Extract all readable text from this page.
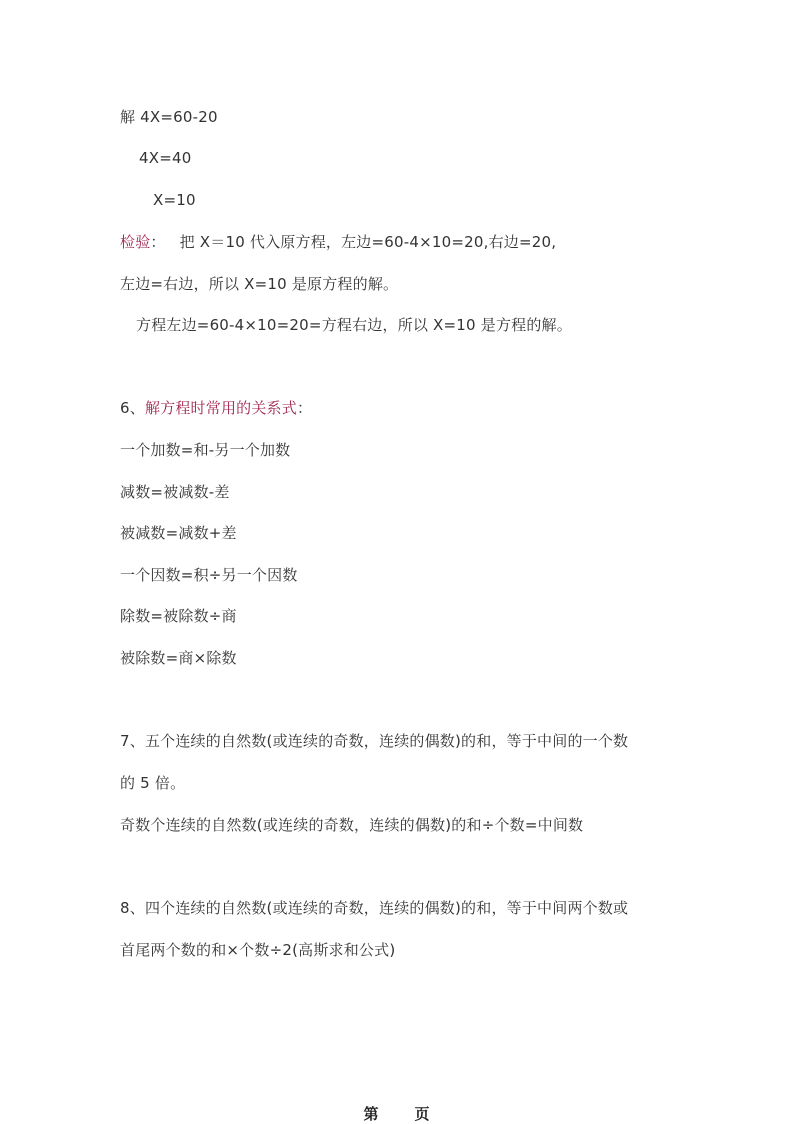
解 4X=60-20
4X=40
X=10
检验： 把 X＝10 代入原方程，左边=60-4×10=20,右边=20,
左边=右边，所以 X=10 是原方程的解。
方程左边=60-4×10=20=方程右边，所以 X=10 是方程的解。
6、解方程时常用的关系式：
一个加数=和-另一个加数
减数=被减数-差
被减数=减数+差
一个因数=积÷另一个因数
除数=被除数÷商
被除数=商×除数
7、五个连续的自然数(或连续的奇数，连续的偶数)的和，等于中间的一个数
的 5 倍。
奇数个连续的自然数(或连续的奇数，连续的偶数)的和÷个数=中间数
8、四个连续的自然数(或连续的奇数，连续的偶数)的和，等于中间两个数或
首尾两个数的和×个数÷2(高斯求和公式)
第 页
